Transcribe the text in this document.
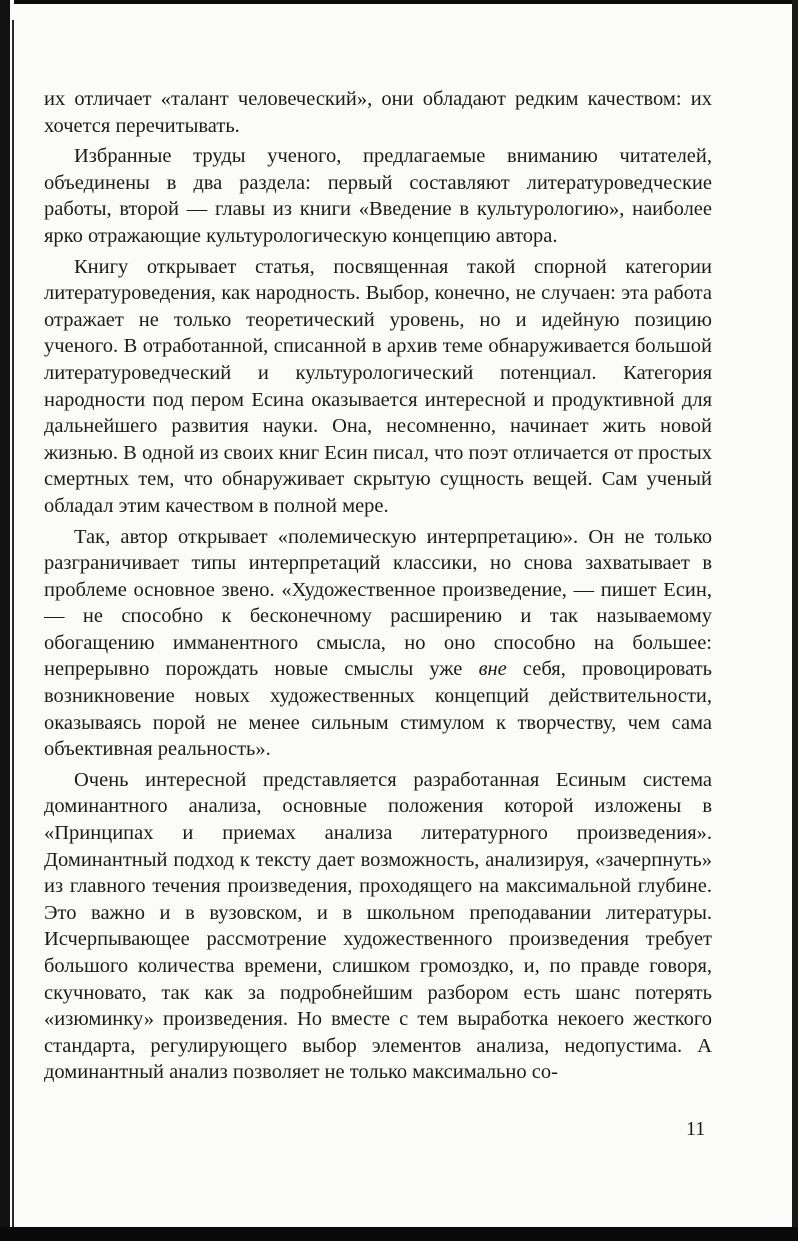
их отличает «талант человеческий», они обладают редким качеством: их хочется перечитывать.

Избранные труды ученого, предлагаемые вниманию читателей, объединены в два раздела: первый составляют литературоведческие работы, второй — главы из книги «Введение в культурологию», наиболее ярко отражающие культурологическую концепцию автора.

Книгу открывает статья, посвященная такой спорной категории литературоведения, как народность. Выбор, конечно, не случаен: эта работа отражает не только теоретический уровень, но и идейную позицию ученого. В отработанной, списанной в архив теме обнаруживается большой литературоведческий и культурологический потенциал. Категория народности под пером Есина оказывается интересной и продуктивной для дальнейшего развития науки. Она, несомненно, начинает жить новой жизнью. В одной из своих книг Есин писал, что поэт отличается от простых смертных тем, что обнаруживает скрытую сущность вещей. Сам ученый обладал этим качеством в полной мере.

Так, автор открывает «полемическую интерпретацию». Он не только разграничивает типы интерпретаций классики, но снова захватывает в проблеме основное звено. «Художественное произведение, — пишет Есин, — не способно к бесконечному расширению и так называемому обогащению имманентного смысла, но оно способно на большее: непрерывно порождать новые смыслы уже вне себя, провоцировать возникновение новых художественных концепций действительности, оказываясь порой не менее сильным стимулом к творчеству, чем сама объективная реальность».

Очень интересной представляется разработанная Есиным система доминантного анализа, основные положения которой изложены в «Принципах и приемах анализа литературного произведения». Доминантный подход к тексту дает возможность, анализируя, «зачерпнуть» из главного течения произведения, проходящего на максимальной глубине. Это важно и в вузовском, и в школьном преподавании литературы. Исчерпывающее рассмотрение художественного произведения требует большого количества времени, слишком громоздко, и, по правде говоря, скучновато, так как за подробнейшим разбором есть шанс потерять «изюминку» произведения. Но вместе с тем выработка некоего жесткого стандарта, регулирующего выбор элементов анализа, недопустима. А доминантный анализ позволяет не только максимально со-

11
